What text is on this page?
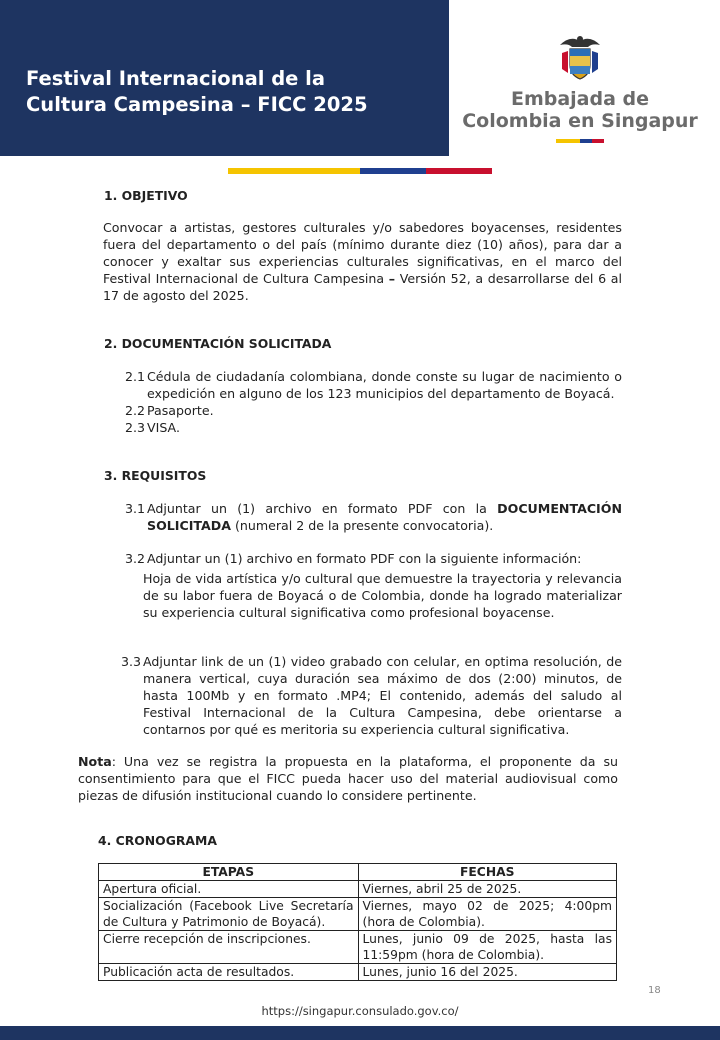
Festival Internacional de la
Cultura Campesina – FICC 2025	Embajada de
Colombia en Singapur
1. OBJETIVO
Convocar a artistas, gestores culturales y/o sabedores boyacenses, residentes fuera del departamento o del país (mínimo durante diez (10) años), para dar a conocer y exaltar sus experiencias culturales significativas, en el marco del Festival Internacional de Cultura Campesina – Versión 52, a desarrollarse del 6 al 17 de agosto del 2025.
2. DOCUMENTACIÓN SOLICITADA
2.1 Cédula de ciudadanía colombiana, donde conste su lugar de nacimiento o expedición en alguno de los 123 municipios del departamento de Boyacá.
2.2 Pasaporte.
2.3 VISA.
3. REQUISITOS
3.1 Adjuntar un (1) archivo en formato PDF con la DOCUMENTACIÓN SOLICITADA (numeral 2 de la presente convocatoria).
3.2 Adjuntar un (1) archivo en formato PDF con la siguiente información:
Hoja de vida artística y/o cultural que demuestre la trayectoria y relevancia de su labor fuera de Boyacá o de Colombia, donde ha logrado materializar su experiencia cultural significativa como profesional boyacense.
3.3 Adjuntar link de un (1) video grabado con celular, en optima resolución, de manera vertical, cuya duración sea máximo de dos (2:00) minutos, de hasta 100Mb y en formato .MP4; El contenido, además del saludo al Festival Internacional de la Cultura Campesina, debe orientarse a contarnos por qué es meritoria su experiencia cultural significativa.
Nota: Una vez se registra la propuesta en la plataforma, el proponente da su consentimiento para que el FICC pueda hacer uso del material audiovisual como piezas de difusión institucional cuando lo considere pertinente.
4. CRONOGRAMA
ETAPAS	FECHAS
Apertura oficial.	Viernes, abril 25 de 2025.
Socialización (Facebook Live Secretaría de Cultura y Patrimonio de Boyacá).	Viernes, mayo 02 de 2025; 4:00pm (hora de Colombia).
Cierre recepción de inscripciones.	Lunes, junio 09 de 2025, hasta las 11:59pm (hora de Colombia).
Publicación acta de resultados.	Lunes, junio 16 del 2025.
18
https://singapur.consulado.gov.co/
